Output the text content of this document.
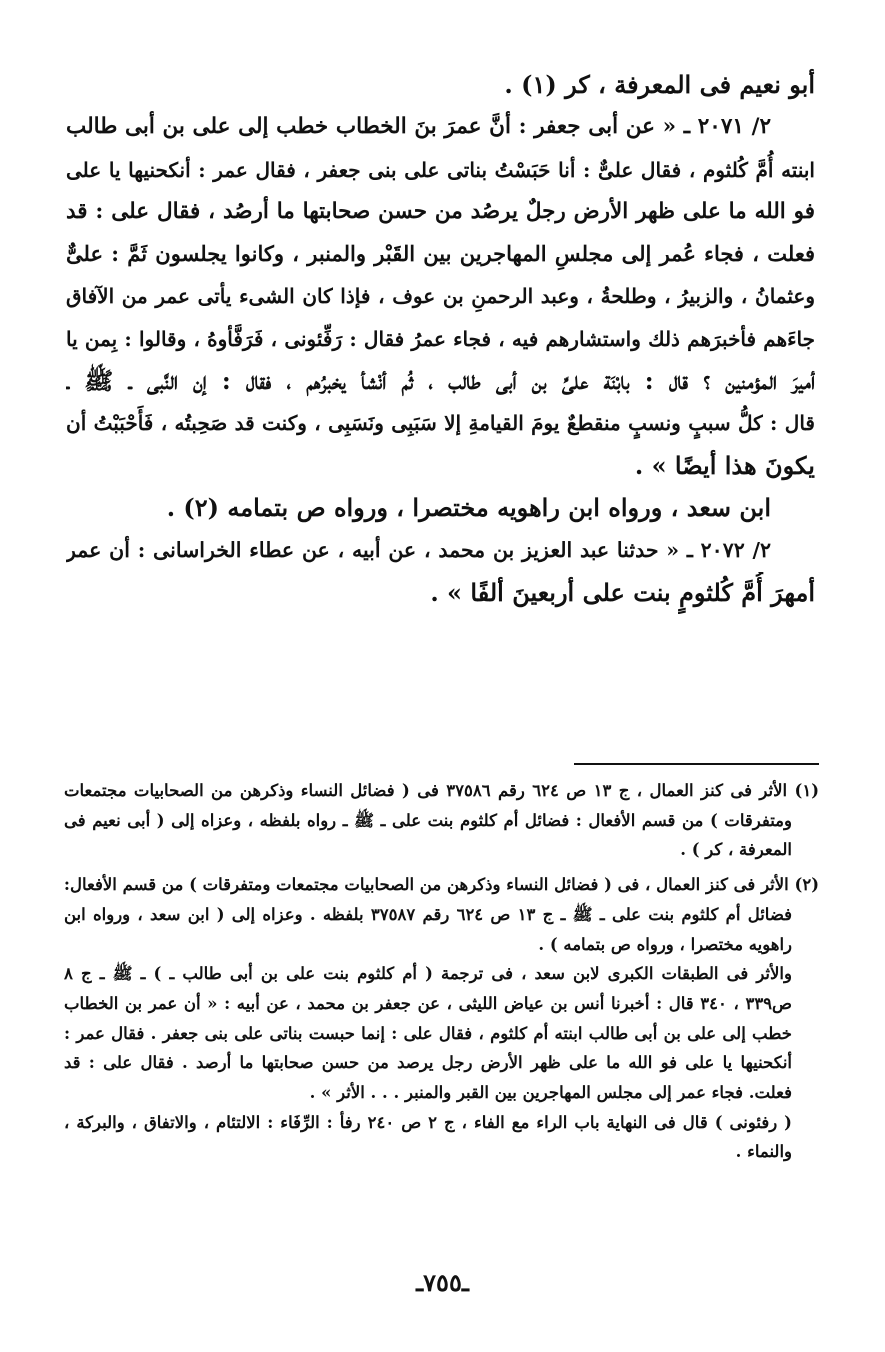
أبو نعيم فى المعرفة ، كر (١) .
٢/ ٢٠٧١ ـ « عن أبى جعفر : أنَّ عمرَ بنَ الخطاب خطب إلى على بن أبى طالب
ابنته أُمَّ كُلثوم ، فقال علىٌّ : أنا حَبَسْتُ بناتى على بنى جعفر ، فقال عمر : أنكحنيها يا على
فو الله ما على ظهر الأرض رجلٌ يرصُد من حسن صحابتها ما أرصُد ، فقال على : قد
فعلت ، فجاء عُمر إلى مجلسِ المهاجرين بين القَبْر والمنبر ، وكانوا يجلسون ثَمَّ : علىٌّ
وعثمانُ ، والزبيرُ ، وطلحةُ ، وعبد الرحمنِ بن عوف ، فإذا كان الشىء يأتى عمر من الآفاق
جاءَهم فأخبرَهم ذلك واستشارهم فيه ، فجاء عمرُ فقال : رَفِّئونى ، فَرَفَّأوهُ ، وقالوا : بِمن يا
أميرَ المؤمنين ؟ قال : بابْنَة علىِّ بن أبى طالب ، ثُم أنْشأ يخبرُهم ، فقال : إن النَّبى ـ ﷺ ـ
قال : كلُّ سببٍ ونسبٍ منقطعٌ يومَ القيامةِ إلا سَبَبِى ونَسَبِى ، وكنت قد صَحِبتُه ، فَأَحْبَبْتُ أن
يكونَ هذا أيضًا » .
ابن سعد ، ورواه ابن راهويه مختصرا ، ورواه ص بتمامه (٢) .
٢/ ٢٠٧٢ ـ « حدثنا عبد العزيز بن محمد ، عن أبيه ، عن عطاء الخراسانى : أن عمر
أمهرَ أُمَّ كُلثومٍ بنت على أربعينَ ألفًا » .
(١) الأثر فى كنز العمال ، ج ١٣ ص ٦٢٤ رقم ٣٧٥٨٦ فى ( فضائل النساء وذكرهن من الصحابيات مجتمعات
ومتفرقات ) من قسم الأفعال : فضائل أم كلثوم بنت على ـ ﷺ ـ رواه بلفظه ، وعزاه إلى ( أبى نعيم فى
المعرفة ، كر ) .
(٢) الأثر فى كنز العمال ، فى ( فضائل النساء وذكرهن من الصحابيات مجتمعات ومتفرقات ) من قسم الأفعال:
فضائل أم كلثوم بنت على ـ ﷺ ـ ج ١٣ ص ٦٢٤ رقم ٣٧٥٨٧ بلفظه . وعزاه إلى ( ابن سعد ، ورواه ابن
راهويه مختصرا ، ورواه ص بتمامه ) .
والأثر فى الطبقات الكبرى لابن سعد ، فى ترجمة ( أم كلثوم بنت على بن أبى طالب ـ ) ـ ﷺ ـ ج ٨
ص٣٣٩ ، ٣٤٠ قال : أخبرنا أنس بن عياض الليثى ، عن جعفر بن محمد ، عن أبيه : « أن عمر بن الخطاب
خطب إلى على بن أبى طالب ابنته أم كلثوم ، فقال على : إنما حبست بناتى على بنى جعفر . فقال عمر :
أنكحنيها يا على فو الله ما على ظهر الأرض رجل يرصد من حسن صحابتها ما أرصد . فقال على : قد
فعلت. فجاء عمر إلى مجلس المهاجرين بين القبر والمنبر . . . الأثر » .
( رفئونى ) قال فى النهاية باب الراء مع الفاء ، ج ٢ ص ٢٤٠ رفأ : الرِّفَاء : الالتئام ، والاتفاق ، والبركة ،
والنماء .
ـ٧٥٥ـ
